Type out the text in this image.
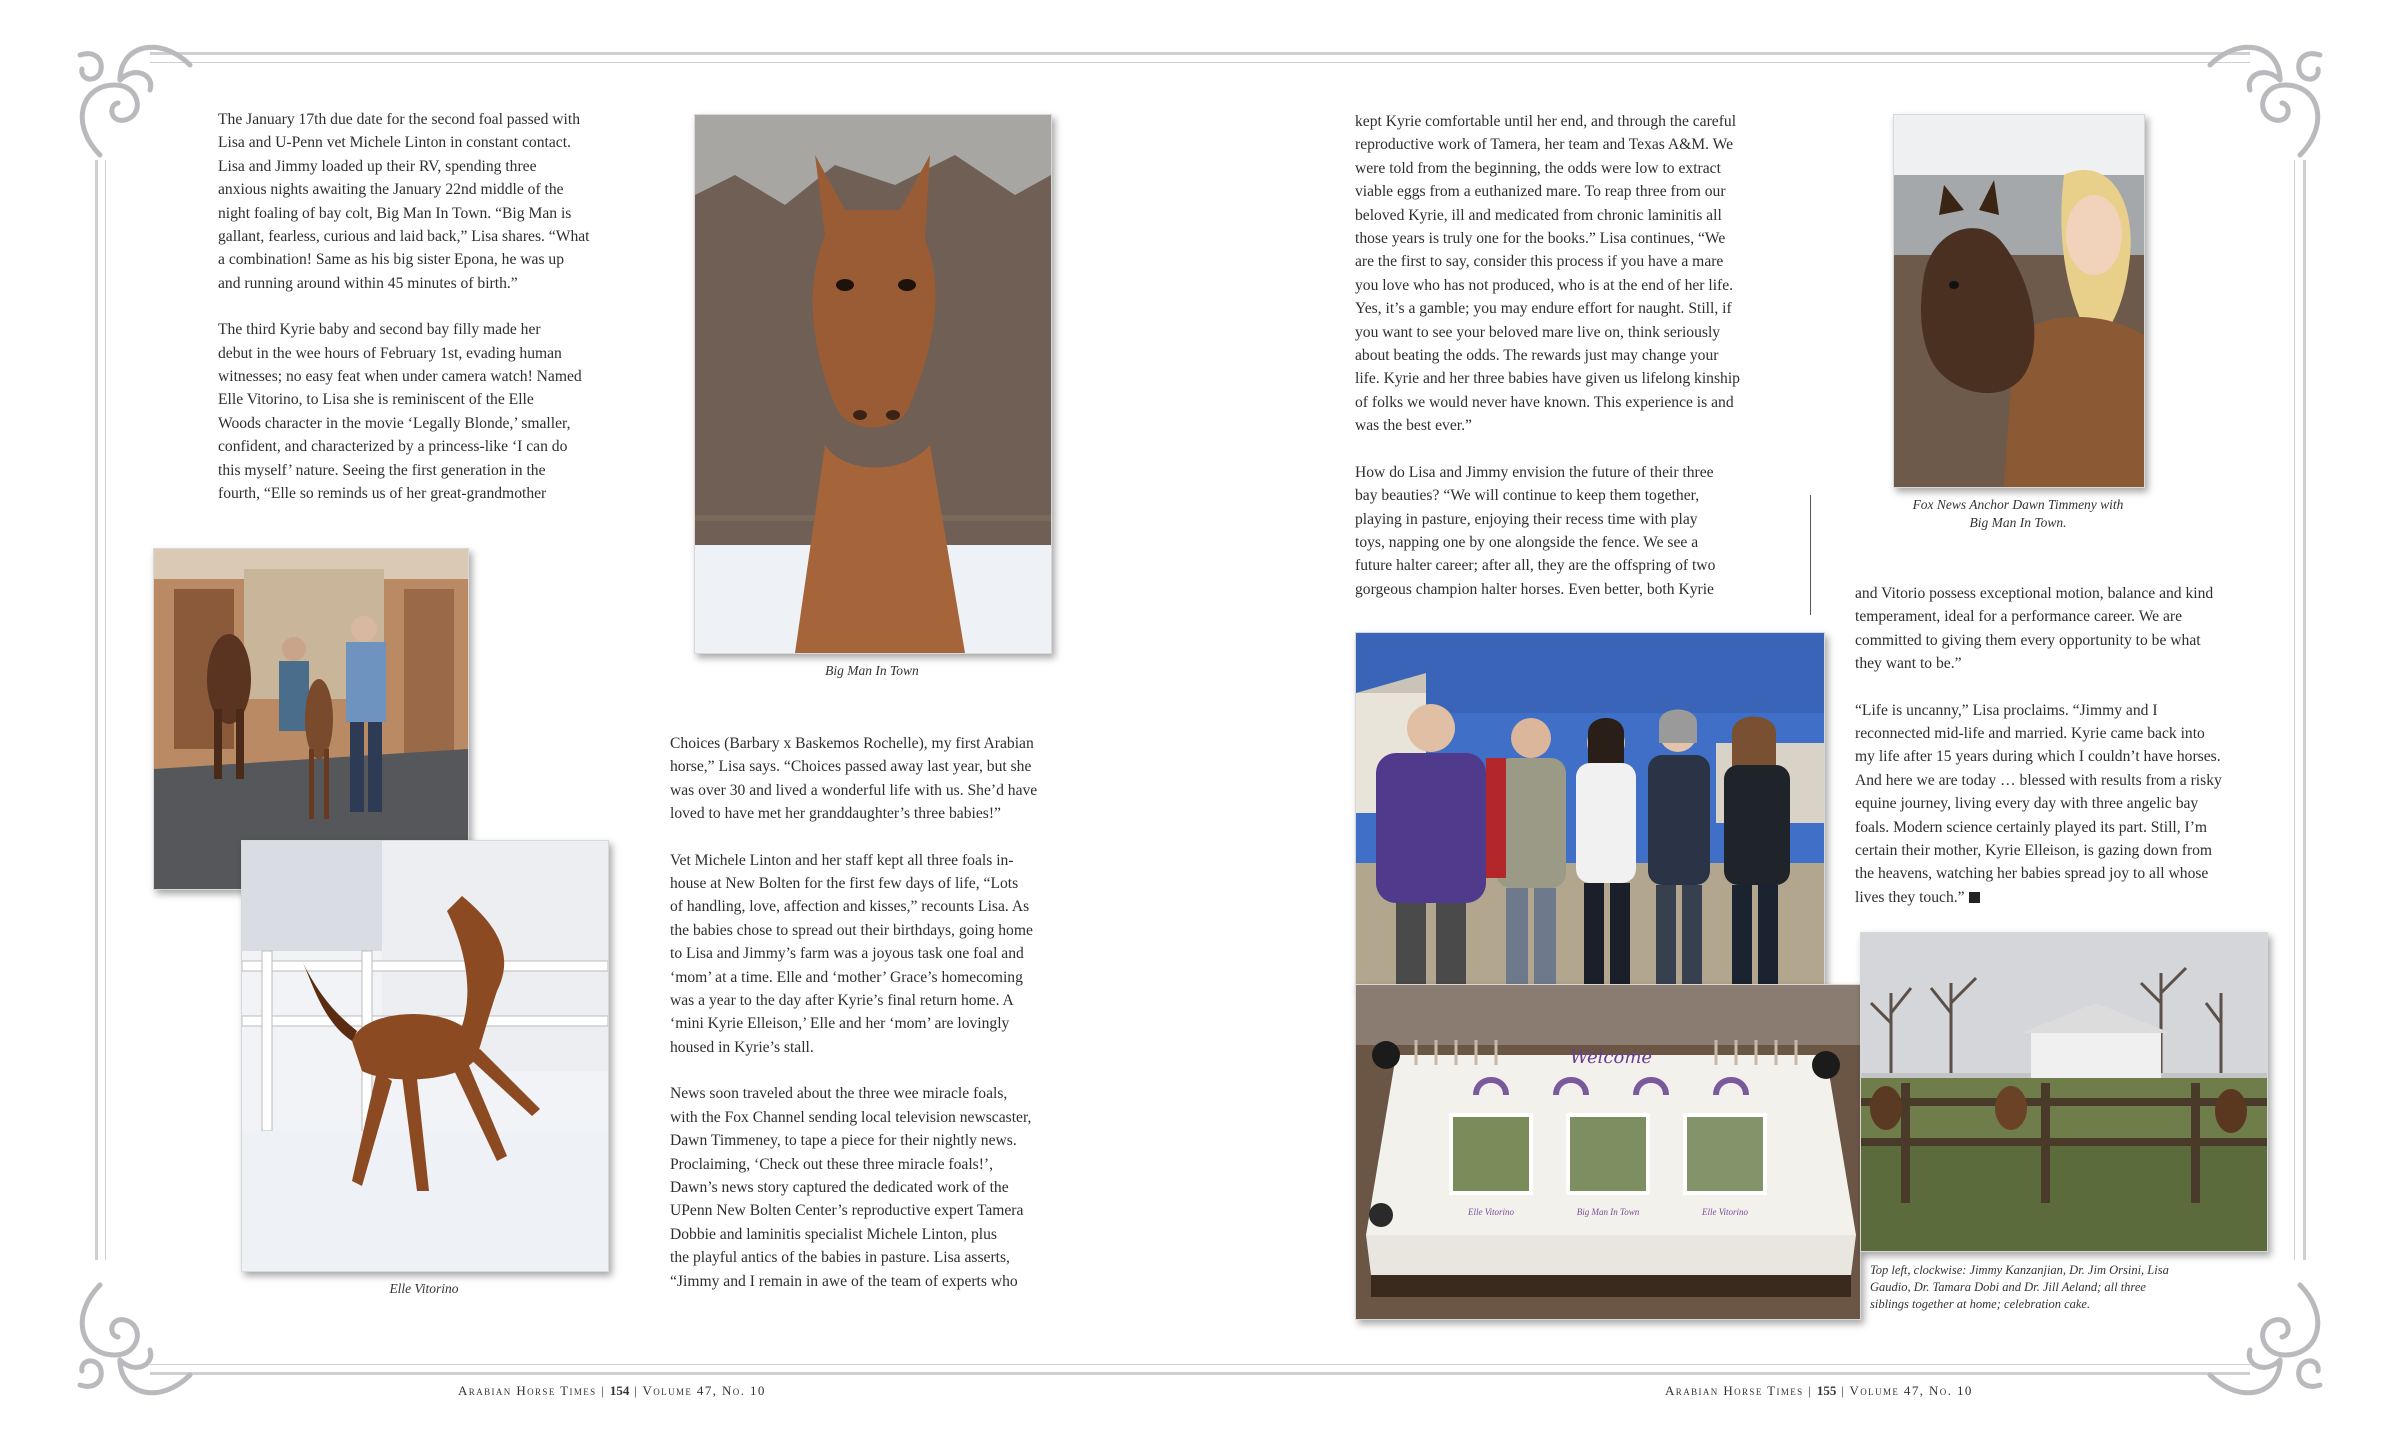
The January 17th due date for the second foal passed with
Lisa and U-Penn vet Michele Linton in constant contact.
Lisa and Jimmy loaded up their RV, spending three
anxious nights awaiting the January 22nd middle of the
night foaling of bay colt, Big Man In Town. “Big Man is
gallant, fearless, curious and laid back,” Lisa shares. “What
a combination! Same as his big sister Epona, he was up
and running around within 45 minutes of birth.”

The third Kyrie baby and second bay filly made her
debut in the wee hours of February 1st, evading human
witnesses; no easy feat when under camera watch! Named
Elle Vitorino, to Lisa she is reminiscent of the Elle
Woods character in the movie ‘Legally Blonde,’ smaller,
confident, and characterized by a princess-like ‘I can do
this myself’ nature. Seeing the first generation in the
fourth, “Elle so reminds us of her great-grandmother

Big Man In Town
Elle Vitorino

Choices (Barbary x Baskemos Rochelle), my first Arabian
horse,” Lisa says. “Choices passed away last year, but she
was over 30 and lived a wonderful life with us. She’d have
loved to have met her granddaughter’s three babies!”

Vet Michele Linton and her staff kept all three foals in-
house at New Bolten for the first few days of life, “Lots
of handling, love, affection and kisses,” recounts Lisa. As
the babies chose to spread out their birthdays, going home
to Lisa and Jimmy’s farm was a joyous task one foal and
‘mom’ at a time. Elle and ‘mother’ Grace’s homecoming
was a year to the day after Kyrie’s final return home. A
‘mini Kyrie Elleison,’ Elle and her ‘mom’ are lovingly
housed in Kyrie’s stall.

News soon traveled about the three wee miracle foals,
with the Fox Channel sending local television newscaster,
Dawn Timmeney, to tape a piece for their nightly news.
Proclaiming, ‘Check out these three miracle foals!’,
Dawn’s news story captured the dedicated work of the
UPenn New Bolten Center’s reproductive expert Tamera
Dobbie and laminitis specialist Michele Linton, plus
the playful antics of the babies in pasture. Lisa asserts,
“Jimmy and I remain in awe of the team of experts who

Arabian Horse Times | 154 | Volume 47, No. 10

kept Kyrie comfortable until her end, and through the careful
reproductive work of Tamera, her team and Texas A&M. We
were told from the beginning, the odds were low to extract
viable eggs from a euthanized mare. To reap three from our
beloved Kyrie, ill and medicated from chronic laminitis all
those years is truly one for the books.” Lisa continues, “We
are the first to say, consider this process if you have a mare
you love who has not produced, who is at the end of her life.
Yes, it’s a gamble; you may endure effort for naught. Still, if
you want to see your beloved mare live on, think seriously
about beating the odds. The rewards just may change your
life. Kyrie and her three babies have given us lifelong kinship
of folks we would never have known. This experience is and
was the best ever.”

How do Lisa and Jimmy envision the future of their three
bay beauties? “We will continue to keep them together,
playing in pasture, enjoying their recess time with play
toys, napping one by one alongside the fence. We see a
future halter career; after all, they are the offspring of two
gorgeous champion halter horses. Even better, both Kyrie

Fox News Anchor Dawn Timmeny with
Big Man In Town.
Welcome
Elle Vitorino	Big Man In Town	Elle Vitorino
Top left, clockwise: Jimmy Kanzanjian, Dr. Jim Orsini, Lisa
Gaudio, Dr. Tamara Dobi and Dr. Jill Aeland; all three
siblings together at home; celebration cake.

and Vitorio possess exceptional motion, balance and kind
temperament, ideal for a performance career. We are
committed to giving them every opportunity to be what
they want to be.”

“Life is uncanny,” Lisa proclaims. “Jimmy and I
reconnected mid-life and married. Kyrie came back into
my life after 15 years during which I couldn’t have horses.
And here we are today … blessed with results from a risky
equine journey, living every day with three angelic bay
foals. Modern science certainly played its part. Still, I’m
certain their mother, Kyrie Elleison, is gazing down from
the heavens, watching her babies spread joy to all whose
lives they touch.”

Arabian Horse Times | 155 | Volume 47, No. 10
